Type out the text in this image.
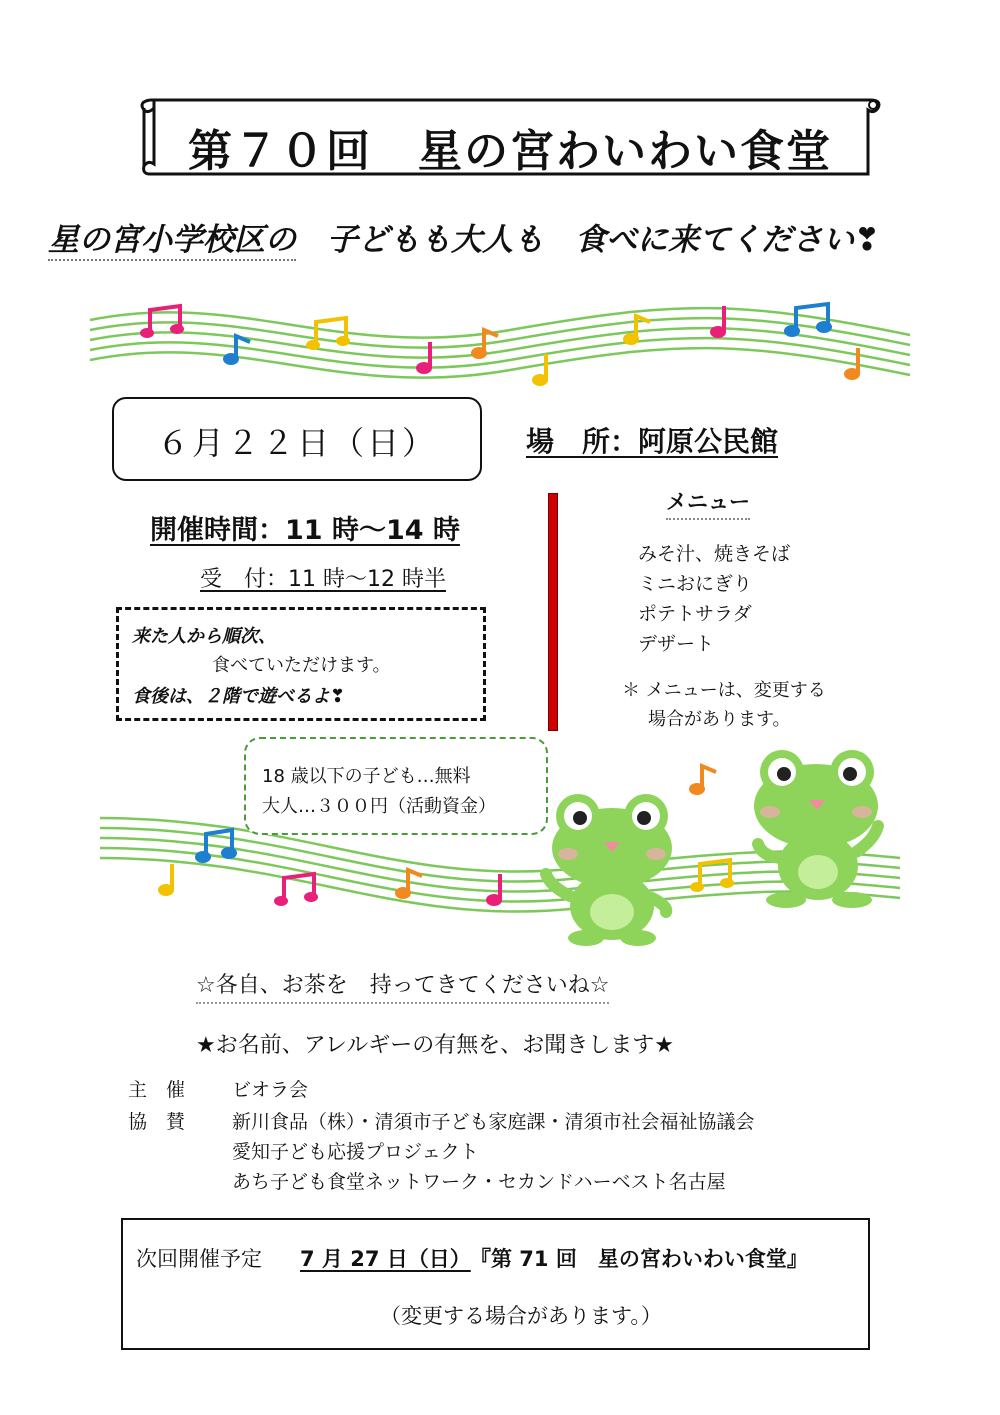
第７０回　星の宮わいわい食堂
星の宮小学校区の　 子どもも大人も　 食べに来てください❣
６月２２日（日）	場　所：阿原公民館
開催時間：11 時～14 時
受　付：11 時～12 時半
来た人から順次、
食べていただけます。
食後は、２階で遊べるよ❣
メニュー
みそ汁、焼きそば
ミニおにぎり
ポテトサラダ
デザート
＊ メニューは、変更する
場合があります。
18 歳以下の子ども…無料
大人…３００円（活動資金）
☆各自、お茶を　持ってきてくださいね☆
★お名前、アレルギーの有無を、お聞きします★
主　催 ビオラ会
協　賛 新川食品（株）・清須市子ども家庭課・清須市社会福祉協議会
愛知子ども応援プロジェクト
あち子ども食堂ネットワーク・セカンドハーベスト名古屋
次回開催予定 7 月 27 日（日） 『第 71 回　星の宮わいわい食堂』
（変更する場合があります。）
